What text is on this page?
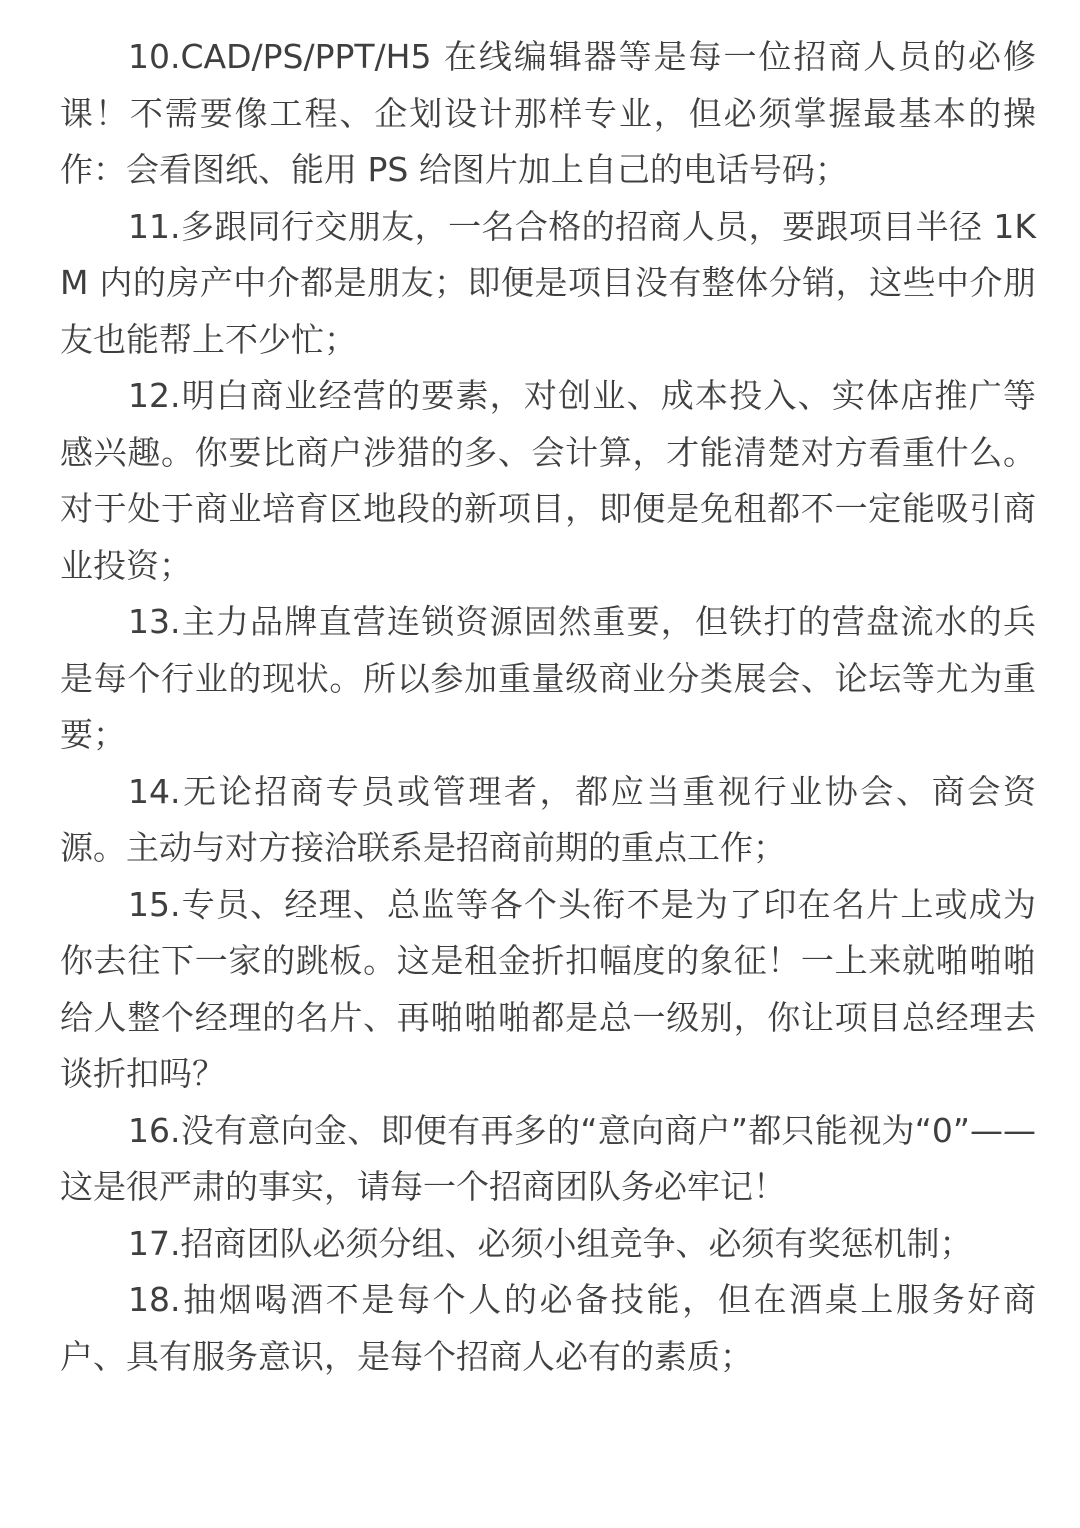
10.CAD/PS/PPT/H5 在线编辑器等是每一位招商人员的必修课！不需要像工程、企划设计那样专业，但必须掌握最基本的操作：会看图纸、能用 PS 给图片加上自己的电话号码；

11.多跟同行交朋友，一名合格的招商人员，要跟项目半径 1KM 内的房产中介都是朋友；即便是项目没有整体分销，这些中介朋友也能帮上不少忙；

12.明白商业经营的要素，对创业、成本投入、实体店推广等感兴趣。你要比商户涉猎的多、会计算，才能清楚对方看重什么。对于处于商业培育区地段的新项目，即便是免租都不一定能吸引商业投资；

13.主力品牌直营连锁资源固然重要，但铁打的营盘流水的兵是每个行业的现状。所以参加重量级商业分类展会、论坛等尤为重要；

14.无论招商专员或管理者，都应当重视行业协会、商会资源。主动与对方接洽联系是招商前期的重点工作；

15.专员、经理、总监等各个头衔不是为了印在名片上或成为你去往下一家的跳板。这是租金折扣幅度的象征！一上来就啪啪啪给人整个经理的名片、再啪啪啪都是总一级别，你让项目总经理去谈折扣吗？

16.没有意向金、即便有再多的“意向商户”都只能视为“0”——这是很严肃的事实，请每一个招商团队务必牢记！

17.招商团队必须分组、必须小组竞争、必须有奖惩机制；

18.抽烟喝酒不是每个人的必备技能，但在酒桌上服务好商户、具有服务意识，是每个招商人必有的素质；
